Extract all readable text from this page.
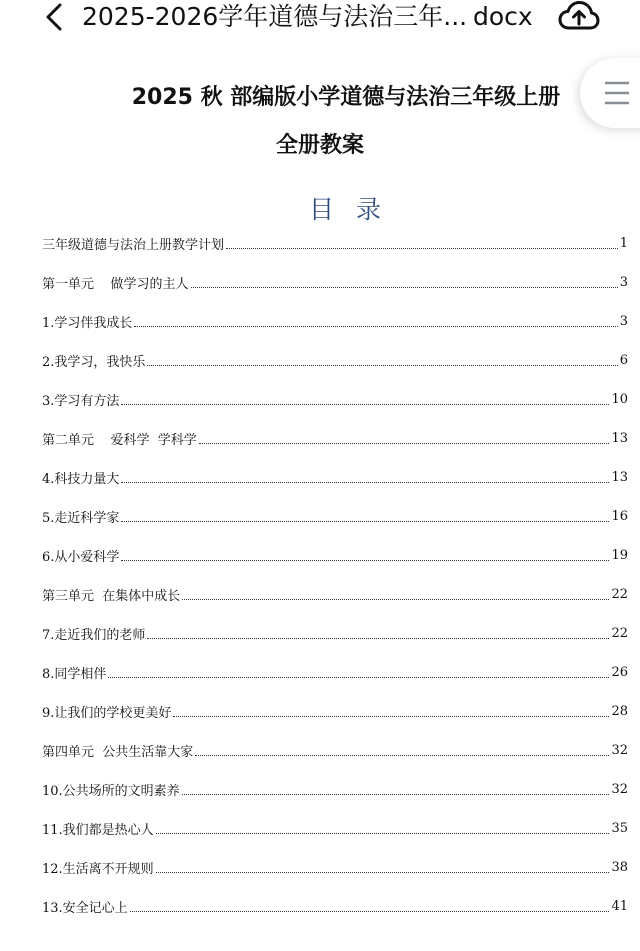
2025-2026学年道德与法治三年... docx
2025 秋 部编版小学道德与法治三年级上册
全册教案
目  录
三年级道德与法治上册教学计划	1
第一单元    做学习的主人	3
1.学习伴我成长	3
2.我学习，我快乐	6
3.学习有方法	10
第二单元    爱科学  学科学	13
4.科技力量大	13
5.走近科学家	16
6.从小爱科学	19
第三单元  在集体中成长	22
7.走近我们的老师	22
8.同学相伴	26
9.让我们的学校更美好	28
第四单元  公共生活靠大家	32
10.公共场所的文明素养	32
11.我们都是热心人	35
12.生活离不开规则	38
13.安全记心上	41
